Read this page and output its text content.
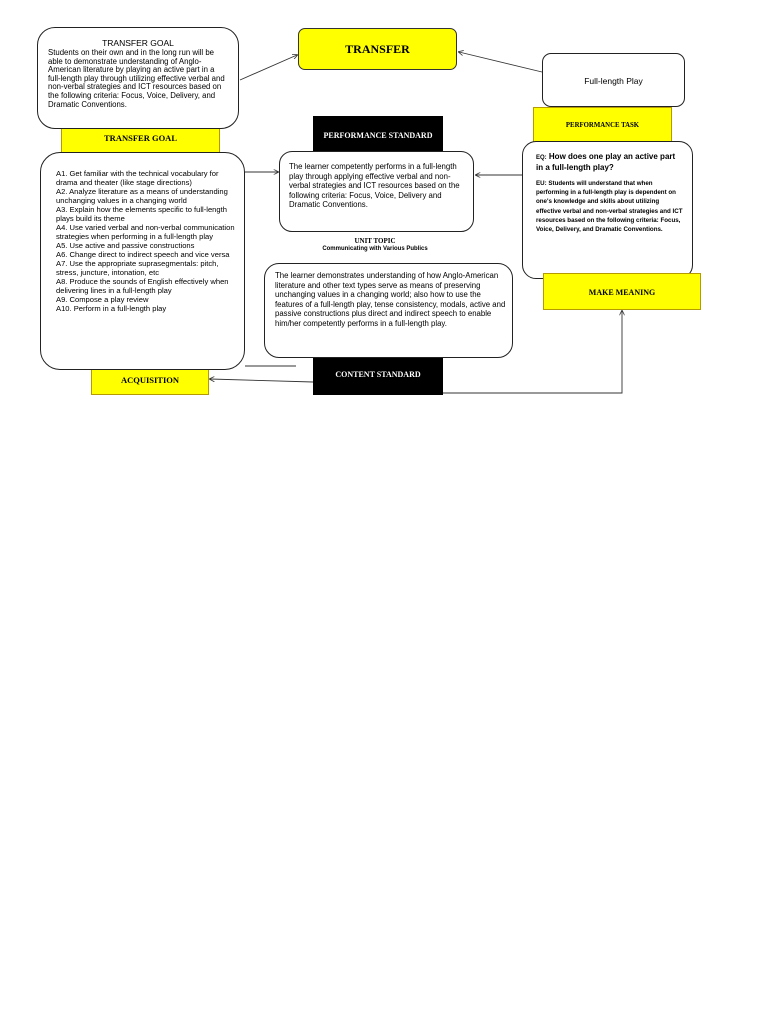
TRANSFER GOAL
TRANSFER GOAL
Students on their own and in the long run will be able to demonstrate understanding of Anglo-American literature by playing an active part in a full-length play through utilizing effective verbal and non-verbal strategies and ICT resources based on the following criteria: Focus, Voice, Delivery, and Dramatic Conventions.
TRANSFER
Full-length Play
PERFORMANCE TASK
PERFORMANCE STANDARD
The learner competently performs in a full-length play through applying effective verbal and non-verbal strategies and ICT resources based on the following criteria: Focus, Voice, Delivery and Dramatic Conventions.
EQ: How does one play an active part in a full-length play?
EU: Students will understand that when performing in a full-length play is dependent on one's knowledge and skills about utilizing effective verbal and non-verbal strategies and ICT resources based on the following criteria: Focus, Voice, Delivery, and Dramatic Conventions.
MAKE MEANING
ACQUISITION
A1. Get familiar with the technical vocabulary for drama and theater (like stage directions)
A2. Analyze literature as a means of understanding unchanging values in a changing world
A3. Explain how the elements specific to full-length plays build its theme
A4. Use varied verbal and non-verbal communication strategies when performing in a full-length play
A5. Use active and passive constructions
A6. Change direct to indirect speech and vice versa
A7. Use the appropriate suprasegmentals: pitch, stress, juncture, intonation, etc
A8. Produce the sounds of English effectively when delivering lines in a full-length play
A9. Compose a play review
A10. Perform in a full-length play
UNIT TOPIC
Communicating with Various Publics
CONTENT STANDARD
The learner demonstrates understanding of how Anglo-American literature and other text types serve as means of preserving unchanging values in a changing world; also how to use the features of a full-length play, tense consistency, modals, active and passive constructions plus direct and indirect speech to enable him/her competently performs in a full-length play.
